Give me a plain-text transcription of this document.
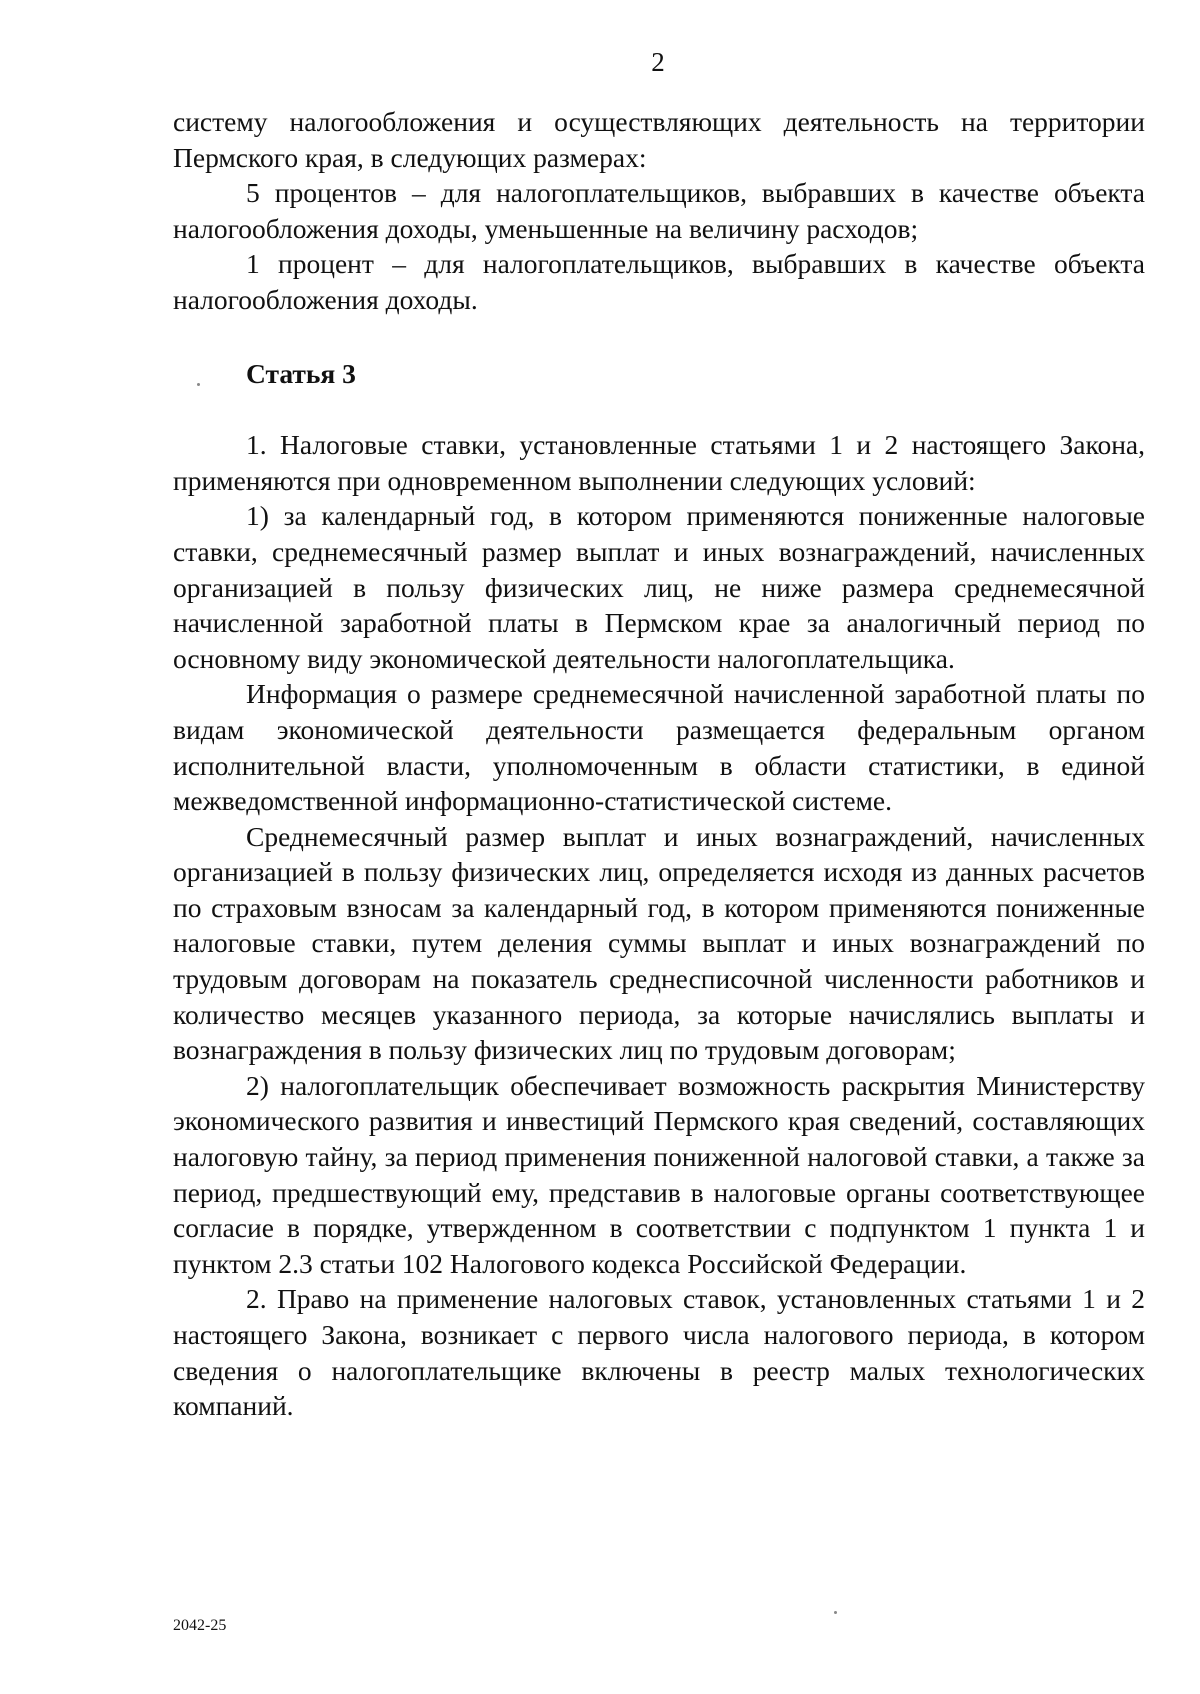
2

систему налогообложения и осуществляющих деятельность на территории Пермского края, в следующих размерах:

5 процентов – для налогоплательщиков, выбравших в качестве объекта налогообложения доходы, уменьшенные на величину расходов;

1 процент – для налогоплательщиков, выбравших в качестве объекта налогообложения доходы.

Статья 3

1. Налоговые ставки, установленные статьями 1 и 2 настоящего Закона, применяются при одновременном выполнении следующих условий:

1) за календарный год, в котором применяются пониженные налоговые ставки, среднемесячный размер выплат и иных вознаграждений, начисленных организацией в пользу физических лиц, не ниже размера среднемесячной начисленной заработной платы в Пермском крае за аналогичный период по основному виду экономической деятельности налогоплательщика.

Информация о размере среднемесячной начисленной заработной платы по видам экономической деятельности размещается федеральным органом исполнительной власти, уполномоченным в области статистики, в единой межведомственной информационно-статистической системе.

Среднемесячный размер выплат и иных вознаграждений, начисленных организацией в пользу физических лиц, определяется исходя из данных расчетов по страховым взносам за календарный год, в котором применяются пониженные налоговые ставки, путем деления суммы выплат и иных вознаграждений по трудовым договорам на показатель среднесписочной численности работников и количество месяцев указанного периода, за которые начислялись выплаты и вознаграждения в пользу физических лиц по трудовым договорам;

2) налогоплательщик обеспечивает возможность раскрытия Министерству экономического развития и инвестиций Пермского края сведений, составляющих налоговую тайну, за период применения пониженной налоговой ставки, а также за период, предшествующий ему, представив в налоговые органы соответствующее согласие в порядке, утвержденном в соответствии с подпунктом 1 пункта 1 и пунктом 2.3 статьи 102 Налогового кодекса Российской Федерации.

2. Право на применение налоговых ставок, установленных статьями 1 и 2 настоящего Закона, возникает с первого числа налогового периода, в котором сведения о налогоплательщике включены в реестр малых технологических компаний.

2042-25
